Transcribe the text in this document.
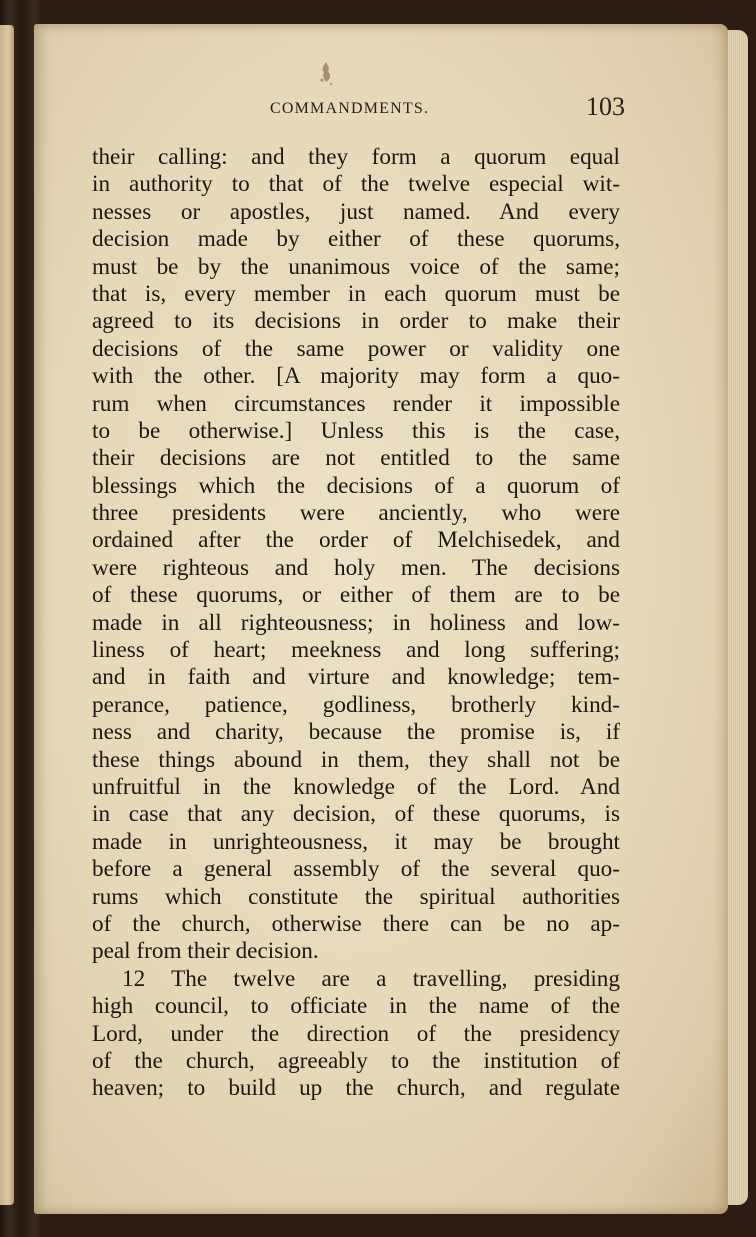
COMMANDMENTS.	103
their calling: and they form a quorum equal
in authority to that of the twelve especial wit-
nesses or apostles, just named. And every
decision made by either of these quorums,
must be by the unanimous voice of the same;
that is, every member in each quorum must be
agreed to its decisions in order to make their
decisions of the same power or validity one
with the other. [A majority may form a quo-
rum when circumstances render it impossible
to be otherwise.] Unless this is the case,
their decisions are not entitled to the same
blessings which the decisions of a quorum of
three presidents were anciently, who were
ordained after the order of Melchisedek, and
were righteous and holy men. The decisions
of these quorums, or either of them are to be
made in all righteousness; in holiness and low-
liness of heart; meekness and long suffering;
and in faith and virture and knowledge; tem-
perance, patience, godliness, brotherly kind-
ness and charity, because the promise is, if
these things abound in them, they shall not be
unfruitful in the knowledge of the Lord. And
in case that any decision, of these quorums, is
made in unrighteousness, it may be brought
before a general assembly of the several quo-
rums which constitute the spiritual authorities
of the church, otherwise there can be no ap-
peal from their decision.
12 The twelve are a travelling, presiding
high council, to officiate in the name of the
Lord, under the direction of the presidency
of the church, agreeably to the institution of
heaven; to build up the church, and regulate
